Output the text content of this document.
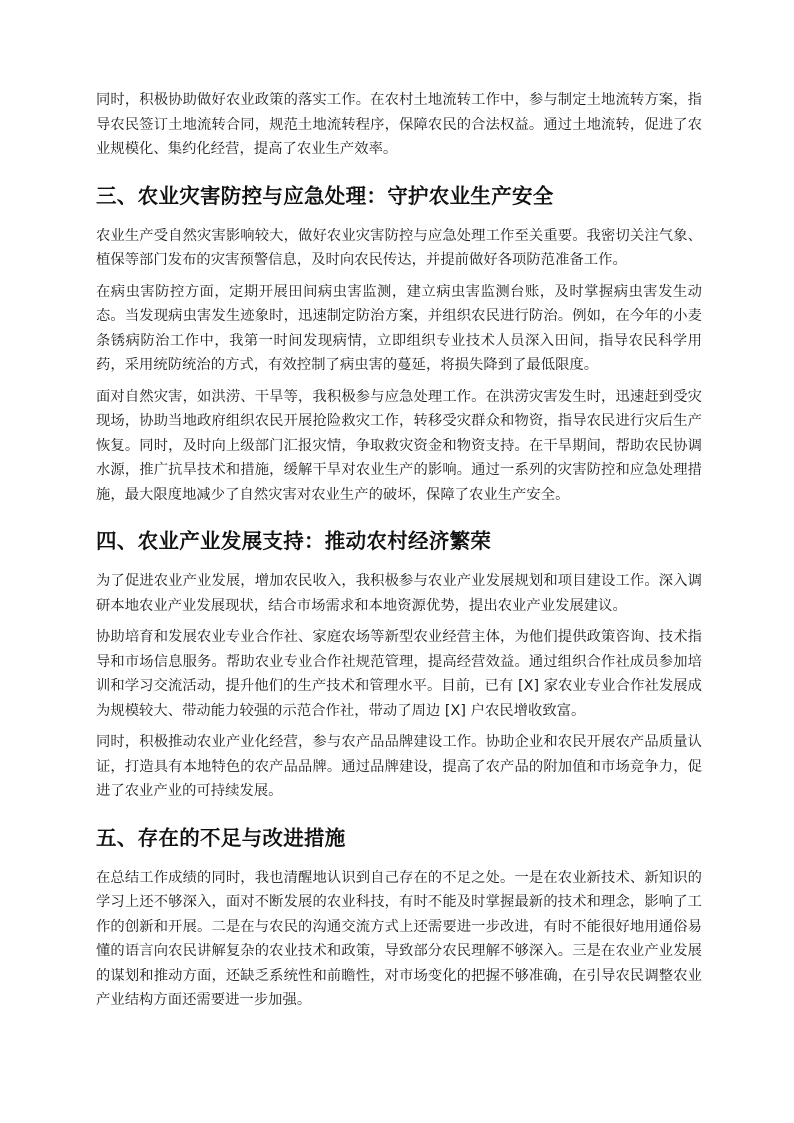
同时，积极协助做好农业政策的落实工作。在农村土地流转工作中，参与制定土地流转方案，指导农民签订土地流转合同，规范土地流转程序，保障农民的合法权益。通过土地流转，促进了农业规模化、集约化经营，提高了农业生产效率。

三、农业灾害防控与应急处理：守护农业生产安全

农业生产受自然灾害影响较大，做好农业灾害防控与应急处理工作至关重要。我密切关注气象、植保等部门发布的灾害预警信息，及时向农民传达，并提前做好各项防范准备工作。

在病虫害防控方面，定期开展田间病虫害监测，建立病虫害监测台账，及时掌握病虫害发生动态。当发现病虫害发生迹象时，迅速制定防治方案，并组织农民进行防治。例如，在今年的小麦条锈病防治工作中，我第一时间发现病情，立即组织专业技术人员深入田间，指导农民科学用药，采用统防统治的方式，有效控制了病虫害的蔓延，将损失降到了最低限度。

面对自然灾害，如洪涝、干旱等，我积极参与应急处理工作。在洪涝灾害发生时，迅速赶到受灾现场，协助当地政府组织农民开展抢险救灾工作，转移受灾群众和物资，指导农民进行灾后生产恢复。同时，及时向上级部门汇报灾情，争取救灾资金和物资支持。在干旱期间，帮助农民协调水源，推广抗旱技术和措施，缓解干旱对农业生产的影响。通过一系列的灾害防控和应急处理措施，最大限度地减少了自然灾害对农业生产的破坏，保障了农业生产安全。

四、农业产业发展支持：推动农村经济繁荣

为了促进农业产业发展，增加农民收入，我积极参与农业产业发展规划和项目建设工作。深入调研本地农业产业发展现状，结合市场需求和本地资源优势，提出农业产业发展建议。

协助培育和发展农业专业合作社、家庭农场等新型农业经营主体，为他们提供政策咨询、技术指导和市场信息服务。帮助农业专业合作社规范管理，提高经营效益。通过组织合作社成员参加培训和学习交流活动，提升他们的生产技术和管理水平。目前，已有 [X] 家农业专业合作社发展成为规模较大、带动能力较强的示范合作社，带动了周边 [X] 户农民增收致富。

同时，积极推动农业产业化经营，参与农产品品牌建设工作。协助企业和农民开展农产品质量认证，打造具有本地特色的农产品品牌。通过品牌建设，提高了农产品的附加值和市场竞争力，促进了农业产业的可持续发展。

五、存在的不足与改进措施

在总结工作成绩的同时，我也清醒地认识到自己存在的不足之处。一是在农业新技术、新知识的学习上还不够深入，面对不断发展的农业科技，有时不能及时掌握最新的技术和理念，影响了工作的创新和开展。二是在与农民的沟通交流方式上还需要进一步改进，有时不能很好地用通俗易懂的语言向农民讲解复杂的农业技术和政策，导致部分农民理解不够深入。三是在农业产业发展的谋划和推动方面，还缺乏系统性和前瞻性，对市场变化的把握不够准确，在引导农民调整农业产业结构方面还需要进一步加强。
